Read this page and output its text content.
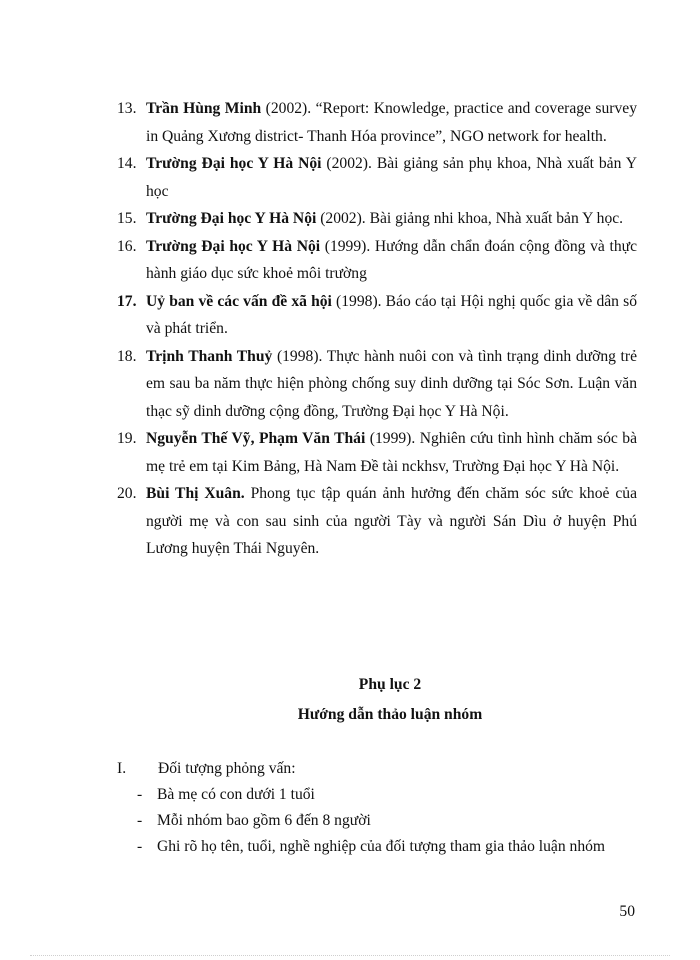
13. Trần Hùng Minh (2002). “Report: Knowledge, practice and coverage survey in Quảng Xương district- Thanh Hóa province”, NGO network for health.
14. Trường Đại học Y Hà Nội (2002). Bài giảng sản phụ khoa, Nhà xuất bản Y học
15. Trường Đại học Y Hà Nội (2002). Bài giảng nhi khoa, Nhà xuất bản Y học.
16. Trường Đại học Y Hà Nội (1999). Hướng dẫn chẩn đoán cộng đồng và thực hành giáo dục sức khoẻ môi trường
17. Uỷ ban về các vấn đề xã hội (1998). Báo cáo tại Hội nghị quốc gia về dân số và phát triển.
18. Trịnh Thanh Thuỷ (1998). Thực hành nuôi con và tình trạng dinh dưỡng trẻ em sau ba năm thực hiện phòng chống suy dinh dưỡng tại Sóc Sơn. Luận văn thạc sỹ dinh dưỡng cộng đồng, Trường Đại học Y Hà Nội.
19. Nguyễn Thế Vỹ, Phạm Văn Thái (1999). Nghiên cứu tình hình chăm sóc bà mẹ trẻ em tại Kim Bảng, Hà Nam Đề tài nckhsv, Trường Đại học Y Hà Nội.
20. Bùi Thị Xuân. Phong tục tập quán ảnh hưởng đến chăm sóc sức khoẻ của người mẹ và con sau sinh của người Tày và người Sán Dìu ở huyện Phú Lương huyện Thái Nguyên.
Phụ lục 2
Hướng dẫn thảo luận nhóm
I.	Đối tượng phỏng vấn:
- Bà mẹ có con dưới 1 tuổi
- Mỗi nhóm bao gồm 6 đến 8 người
- Ghi rõ họ tên, tuổi, nghề nghiệp của đối tượng tham gia thảo luận nhóm
50
